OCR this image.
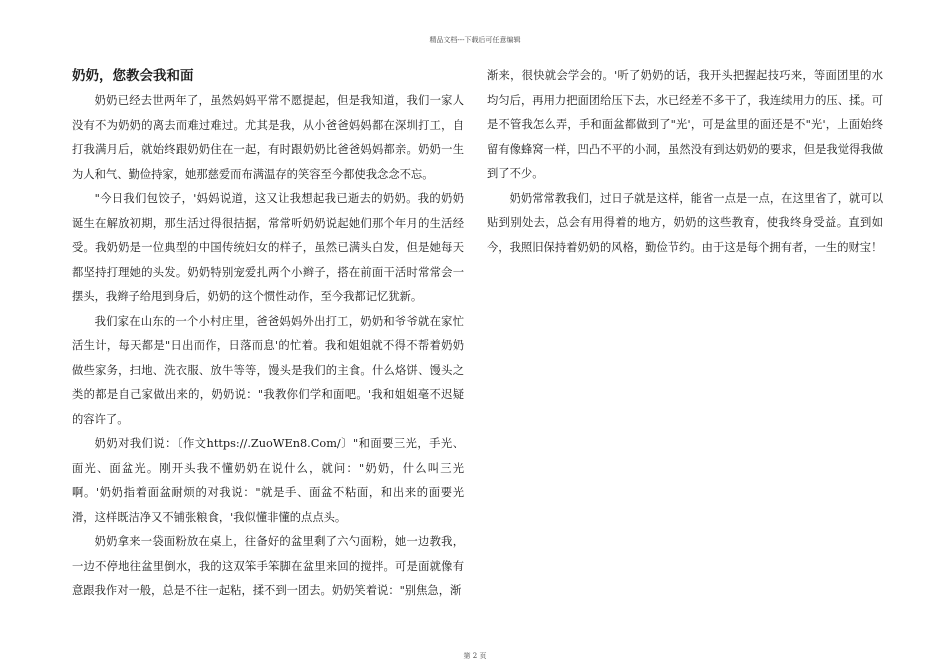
精品文档---下载后可任意编辑
奶奶，您教会我和面

奶奶已经去世两年了，虽然妈妈平常不愿提起，但是我知道，我们一家人没有不为奶奶的离去而难过难过。尤其是我，从小爸爸妈妈都在深圳打工，自打我满月后，就始终跟奶奶住在一起，有时跟奶奶比爸爸妈妈都亲。奶奶一生为人和气、勤俭持家，她那慈爱而布满温存的笑容至今都使我念念不忘。

"今日我们包饺子，'妈妈说道，这又让我想起我已逝去的奶奶。我的奶奶诞生在解放初期，那生活过得很拮据，常常听奶奶说起她们那个年月的生活经受。我奶奶是一位典型的中国传统妇女的样子，虽然已满头白发，但是她每天都坚持打理她的头发。奶奶特别宠爱扎两个小辫子，搭在前面干活时常常会一摆头，我辫子给甩到身后，奶奶的这个惯性动作，至今我都记忆犹新。

我们家在山东的一个小村庄里，爸爸妈妈外出打工，奶奶和爷爷就在家忙活生计，每天都是"日出而作，日落而息'的忙着。我和姐姐就不得不帮着奶奶做些家务，扫地、洗衣服、放牛等等，馒头是我们的主食。什么烙饼、馒头之类的都是自己家做出来的，奶奶说："我教你们学和面吧。'我和姐姐毫不迟疑的容许了。

奶奶对我们说：〔作文https://.ZuoWEn8.Com/〕"和面要三光，手光、面光、面盆光。刚开头我不懂奶奶在说什么，就问："奶奶，什么叫三光啊。'奶奶指着面盆耐烦的对我说："就是手、面盆不粘面，和出来的面要光滑，这样既洁净又不铺张粮食，'我似懂非懂的点点头。

奶奶拿来一袋面粉放在桌上，往备好的盆里剩了六勺面粉，她一边教我，一边不停地往盆里倒水，我的这双笨手笨脚在盆里来回的搅拌。可是面就像有意跟我作对一般，总是不往一起粘，揉不到一团去。奶奶笑着说："别焦急，渐

渐来，很快就会学会的。'听了奶奶的话，我开头把握起技巧来，等面团里的水均匀后，再用力把面团给压下去，水已经差不多干了，我连续用力的压、揉。可是不管我怎么弄，手和面盆都做到了"光'，可是盆里的面还是不"光'，上面始终留有像蜂窝一样，凹凸不平的小洞，虽然没有到达奶奶的要求，但是我觉得我做到了不少。

奶奶常常教我们，过日子就是这样，能省一点是一点，在这里省了，就可以贴到别处去，总会有用得着的地方，奶奶的这些教育，使我终身受益。直到如今，我照旧保持着奶奶的风格，勤俭节约。由于这是每个拥有者，一生的财宝！

第 2 页
